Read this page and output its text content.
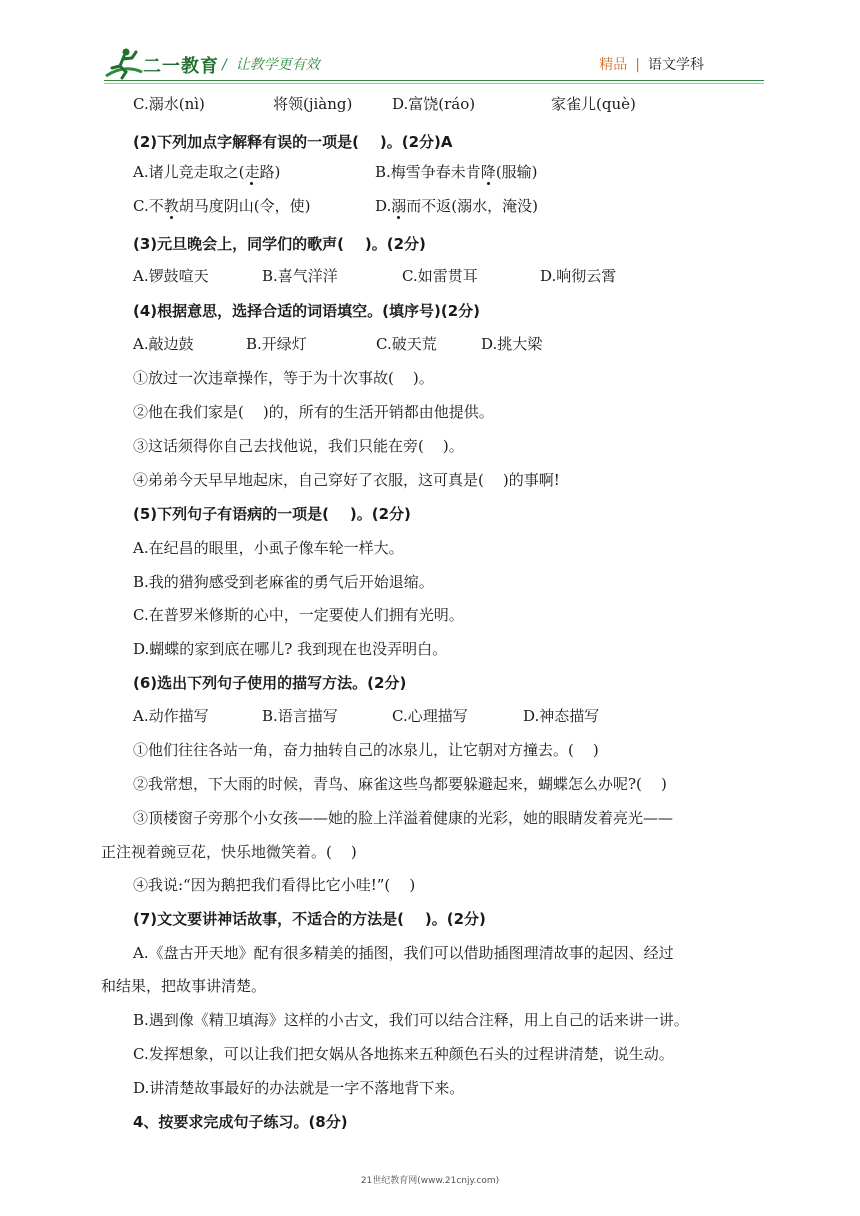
二一教育 /  让教学更有效	精品 | 语文学科
C.溺水(nì)	将领(jiàng)	D.富饶(ráo)	家雀儿(què)
(2)下列加点字解释有误的一项是(    )。(2分)A
A.诸儿竞走取之(走路)	B.梅雪争春未肯降(服输)
C.不教胡马度阴山(令，使)	D.溺而不返(溺水，淹没)
(3)元旦晚会上，同学们的歌声(    )。(2分)
A.锣鼓喧天	B.喜气洋洋	C.如雷贯耳	D.响彻云霄
(4)根据意思，选择合适的词语填空。(填序号)(2分)
A.敲边鼓	B.开绿灯	C.破天荒	D.挑大梁
①放过一次违章操作，等于为十次事故(    )。
②他在我们家是(    )的，所有的生活开销都由他提供。
③这话须得你自己去找他说，我们只能在旁(    )。
④弟弟今天早早地起床，自己穿好了衣服，这可真是(    )的事啊!
(5)下列句子有语病的一项是(    )。(2分)
A.在纪昌的眼里，小虱子像车轮一样大。
B.我的猎狗感受到老麻雀的勇气后开始退缩。
C.在普罗米修斯的心中，一定要使人们拥有光明。
D.蝴蝶的家到底在哪儿? 我到现在也没弄明白。
(6)选出下列句子使用的描写方法。(2分)
A.动作描写	B.语言描写	C.心理描写	D.神态描写
①他们往往各站一角，奋力抽转自己的冰泉儿，让它朝对方撞去。(    )
②我常想，下大雨的时候，青鸟、麻雀这些鸟都要躲避起来，蝴蝶怎么办呢?(    )
③顶楼窗子旁那个小女孩——她的脸上洋溢着健康的光彩，她的眼睛发着亮光——
正注视着豌豆花，快乐地微笑着。(    )
④我说:“因为鹅把我们看得比它小哇!”(    )
(7)文文要讲神话故事，不适合的方法是(    )。(2分)
A.《盘古开天地》配有很多精美的插图，我们可以借助插图理清故事的起因、经过
和结果，把故事讲清楚。
B.遇到像《精卫填海》这样的小古文，我们可以结合注释，用上自己的话来讲一讲。
C.发挥想象，可以让我们把女娲从各地拣来五种颜色石头的过程讲清楚，说生动。
D.讲清楚故事最好的办法就是一字不落地背下来。
4、按要求完成句子练习。(8分)
21世纪教育网(www.21cnjy.com)
